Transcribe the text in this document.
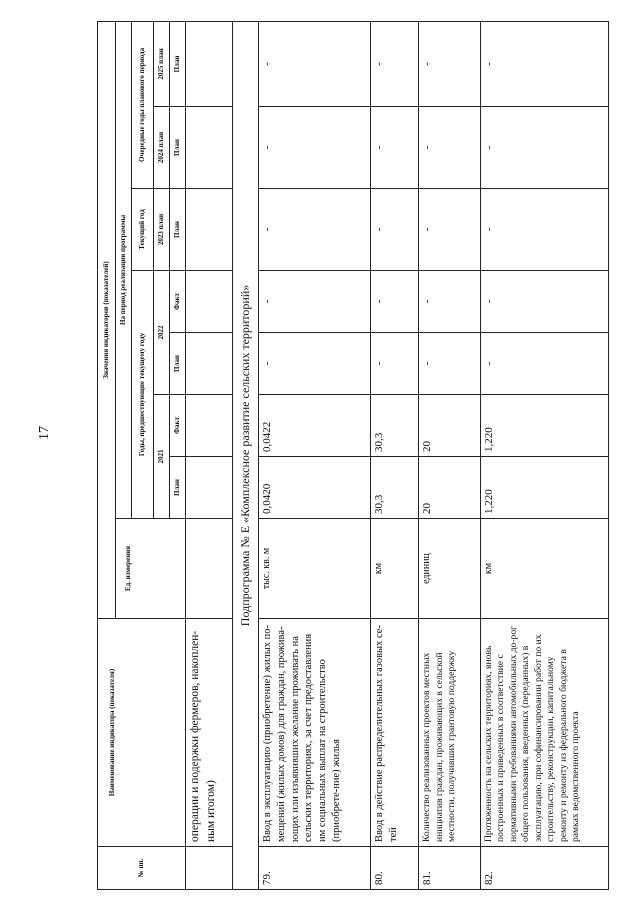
17
№ пп.	Наименование индикатора (показателя)	Значения индикаторов (показателей)							
		Ед. измерения	На период реализации программы						
			Годы, предшествующие текущему году				Текущий год	Очередные годы планового периода	
			2021		2022		2023 план	2024 план	2025 план
			План	Факт	План	Факт	План	План	План
	операции и подержки фермеров, накоплен-ным итогом)								
Подпрограмма № Е «Комплексное развитие сельских территорий»									
79.	Ввод в эксплуатацию (приобретение) жилых по-мещений (жилых домов) для граждан, прожива-ющих или изъявивших желание проживать на сельских территориях, за счет предоставления им социальных выплат на строительство (приобрете-ние) жилья	тыс. кв. м	0,0420	0,0422	-	-	-	-	-
80.	Ввод в действие распределительных газовых се-тей	км	30,3	30,3	-	-	-	-	-
81.	Количество реализованных проектов местных инициатив граждан, проживающих в сельской местности, получивших грантовую поддержку	единиц	20	20	-	-	-	-	-
82.	Протяженность на сельских территориях, вновь построенных и приведенных в соответствие с нормативными требованиями автомобильных до-рог общего пользования, введенных (переданных) в эксплуатацию, при софинансировании работ по их строительству, реконструкции, капитальному ремонту и ремонту из федерального бюджета в рамках ведомственного проекта	км	1,220	1,220	-	-	-	-	-
